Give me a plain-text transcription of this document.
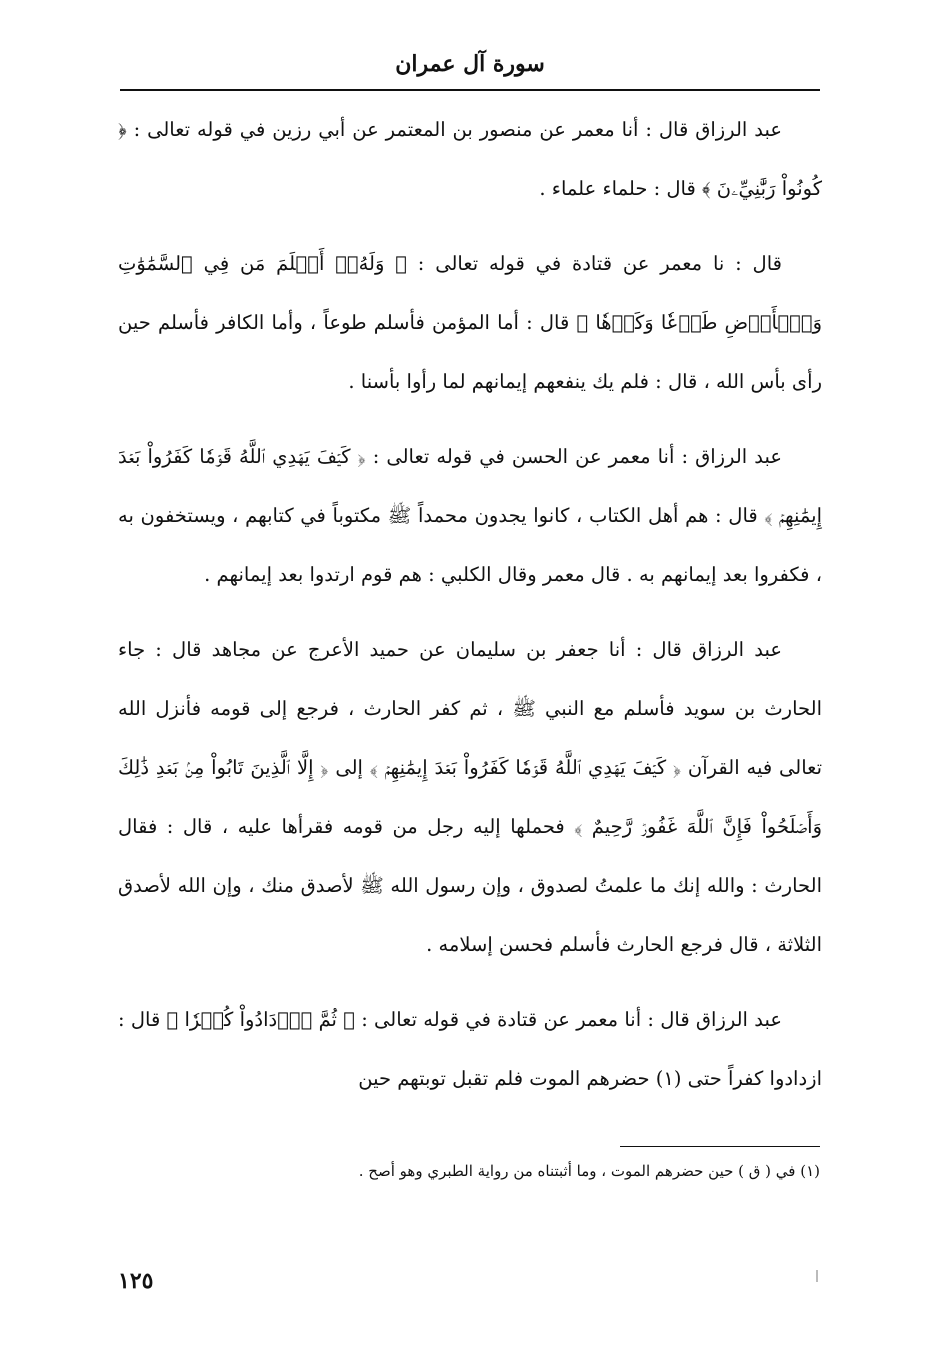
سورة آل عمران

عبد الرزاق قال : أنا معمر عن منصور بن المعتمر عن أبي رزين في قوله تعالى : ﴿ كُونُواْ رَبَّٰنِيِّۦنَ ﴾ قال : حلماء علماء .

قال : نا معمر عن قتادة في قوله تعالى : ﴿ وَلَهُۥٓ أَسۡلَمَ مَن فِي ٱلسَّمَٰوَٰتِ وَٱلۡأَرۡضِ طَوۡعٗا وَكَرۡهٗا ﴾ قال : أما المؤمن فأسلم طوعاً ، وأما الكافر فأسلم حين رأى بأس الله ، قال : فلم يك ينفعهم إيمانهم لما رأوا بأسنا .

عبد الرزاق : أنا معمر عن الحسن في قوله تعالى : ﴿ كَيۡفَ يَهۡدِي ٱللَّهُ قَوۡمٗا كَفَرُواْ بَعۡدَ إِيمَٰنِهِمۡ ﴾ قال : هم أهل الكتاب ، كانوا يجدون محمداً ﷺ مكتوباً في كتابهم ، ويستخفون به ، فكفروا بعد إيمانهم به . قال معمر وقال الكلبي : هم قوم ارتدوا بعد إيمانهم .

عبد الرزاق قال : أنا جعفر بن سليمان عن حميد الأعرج عن مجاهد قال : جاء الحارث بن سويد فأسلم مع النبي ﷺ ، ثم كفر الحارث ، فرجع إلى قومه فأنزل الله تعالى فيه القرآن ﴿ كَيۡفَ يَهۡدِي ٱللَّهُ قَوۡمٗا كَفَرُواْ بَعۡدَ إِيمَٰنِهِمۡ ﴾ إلى ﴿ إِلَّا ٱلَّذِينَ تَابُواْ مِنۢ بَعۡدِ ذَٰلِكَ وَأَصۡلَحُواْ فَإِنَّ ٱللَّهَ غَفُورٞ رَّحِيمٌ ﴾ فحملها إليه رجل من قومه فقرأها عليه ، قال : فقال الحارث : والله إنك ما علمتُ لصدوق ، وإن رسول الله ﷺ لأصدق منك ، وإن الله لأصدق الثلاثة ، قال فرجع الحارث فأسلم فحسن إسلامه .

عبد الرزاق قال : أنا معمر عن قتادة في قوله تعالى : ﴿ ثُمَّ ٱزۡدَادُواْ كُفۡرٗا ﴾ قال : ازدادوا كفراً حتى (١) حضرهم الموت فلم تقبل توبتهم حين

(١) في ( ق ) حين حضرهم الموت ، وما أثبتناه من رواية الطبري وهو أصح .
١٢٥
